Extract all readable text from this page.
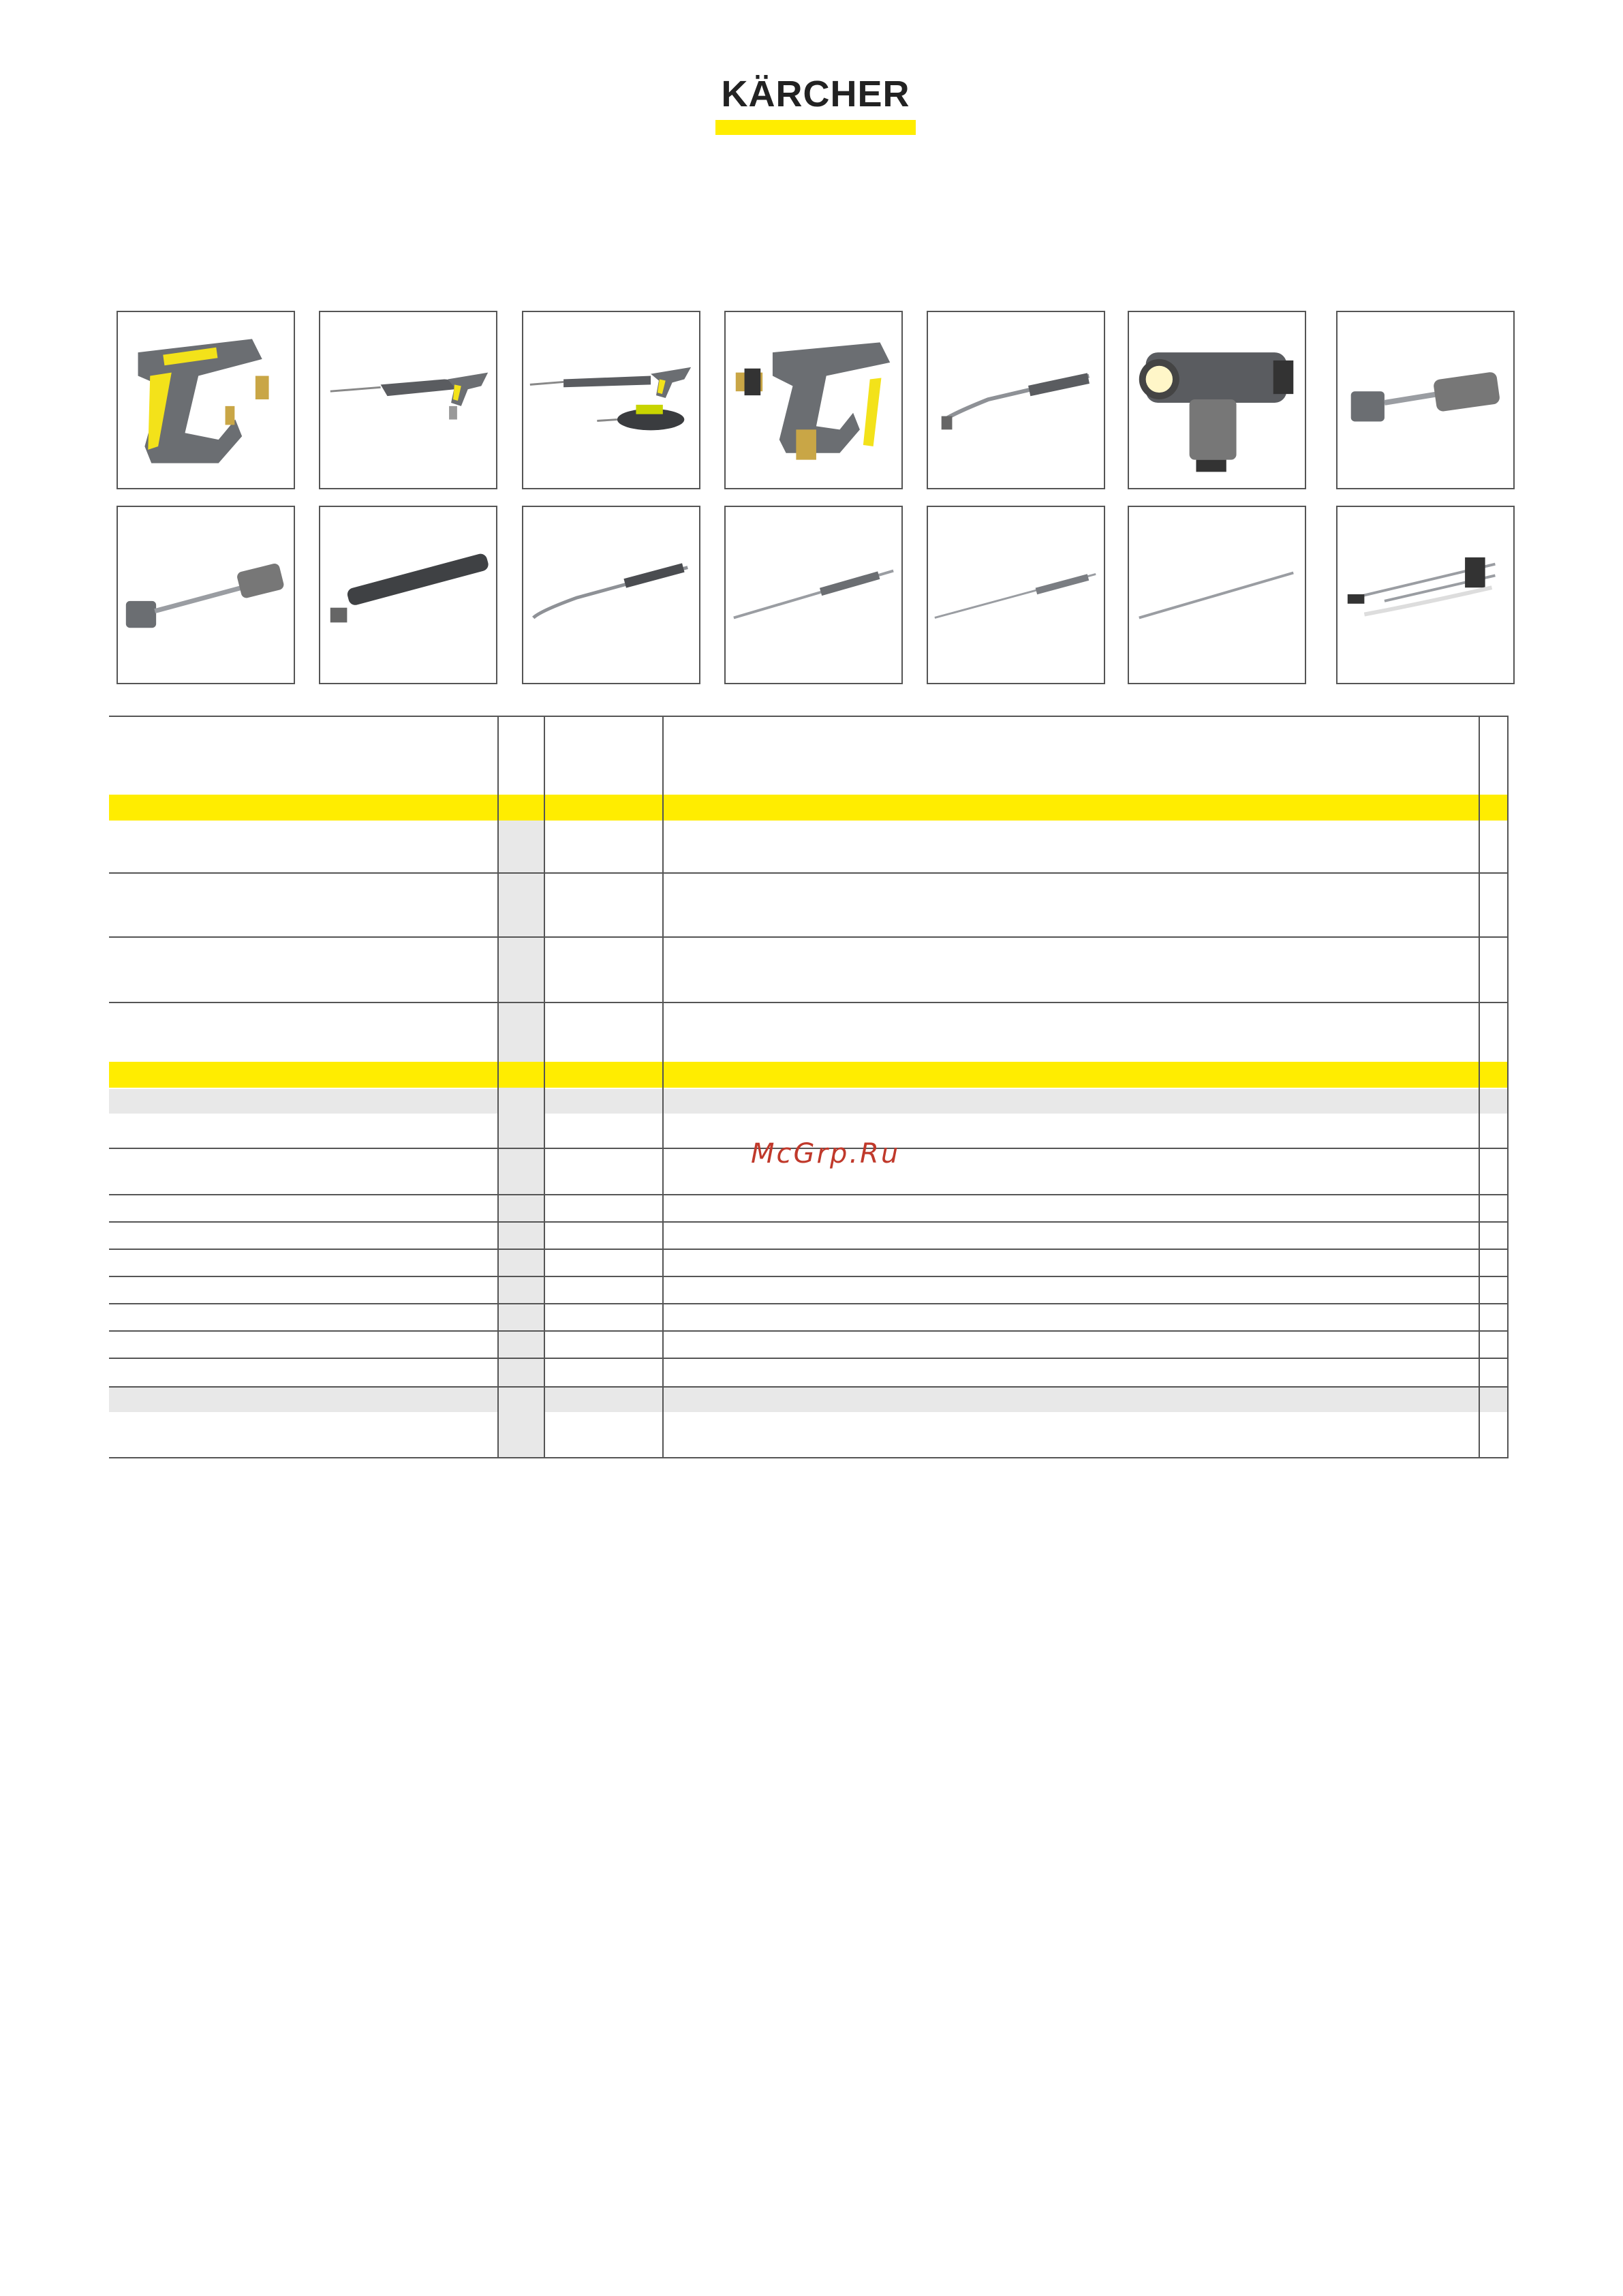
KÄRCHER
McGrp.Ru
